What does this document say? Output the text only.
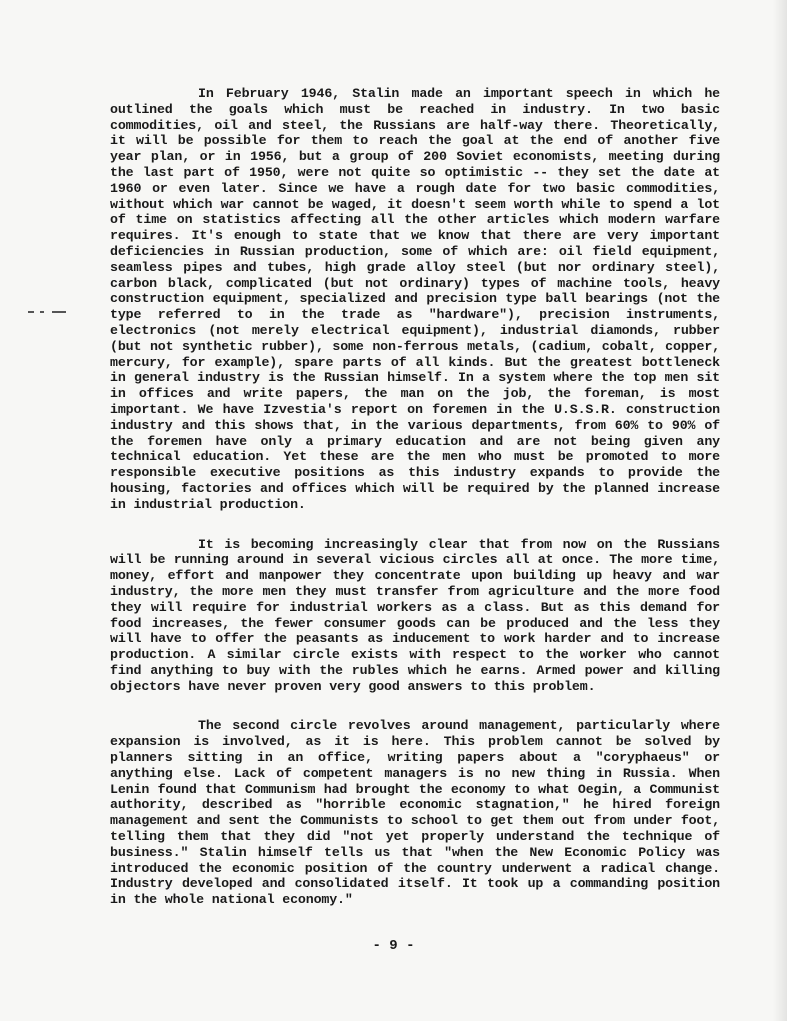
In February 1946, Stalin made an important speech in which he outlined the goals which must be reached in industry. In two basic commodities, oil and steel, the Russians are half-way there. Theoretically, it will be possible for them to reach the goal at the end of another five year plan, or in 1956, but a group of 200 Soviet economists, meeting during the last part of 1950, were not quite so optimistic -- they set the date at 1960 or even later. Since we have a rough date for two basic commodities, without which war cannot be waged, it doesn't seem worth while to spend a lot of time on statistics affecting all the other articles which modern warfare requires. It's enough to state that we know that there are very important deficiencies in Russian production, some of which are: oil field equipment, seamless pipes and tubes, high grade alloy steel (but nor ordinary steel), carbon black, complicated (but not ordinary) types of machine tools, heavy construction equipment, specialized and precision type ball bearings (not the type referred to in the trade as "hardware"), precision instruments, electronics (not merely electrical equipment), industrial diamonds, rubber (but not synthetic rubber), some non-ferrous metals, (cadium, cobalt, copper, mercury, for example), spare parts of all kinds. But the greatest bottleneck in general industry is the Russian himself. In a system where the top men sit in offices and write papers, the man on the job, the foreman, is most important. We have Izvestia's report on foremen in the U.S.S.R. construction industry and this shows that, in the various departments, from 60% to 90% of the foremen have only a primary education and are not being given any technical education. Yet these are the men who must be promoted to more responsible executive positions as this industry expands to provide the housing, factories and offices which will be required by the planned increase in industrial production.

It is becoming increasingly clear that from now on the Russians will be running around in several vicious circles all at once. The more time, money, effort and manpower they concentrate upon building up heavy and war industry, the more men they must transfer from agriculture and the more food they will require for industrial workers as a class. But as this demand for food increases, the fewer consumer goods can be produced and the less they will have to offer the peasants as inducement to work harder and to increase production. A similar circle exists with respect to the worker who cannot find anything to buy with the rubles which he earns. Armed power and killing objectors have never proven very good answers to this problem.

The second circle revolves around management, particularly where expansion is involved, as it is here. This problem cannot be solved by planners sitting in an office, writing papers about a "coryphaeus" or anything else. Lack of competent managers is no new thing in Russia. When Lenin found that Communism had brought the economy to what Oegin, a Communist authority, described as "horrible economic stagnation," he hired foreign management and sent the Communists to school to get them out from under foot, telling them that they did "not yet properly understand the technique of business." Stalin himself tells us that "when the New Economic Policy was introduced the economic position of the country underwent a radical change. Industry developed and consolidated itself. It took up a commanding position in the whole national economy."

- 9 -
